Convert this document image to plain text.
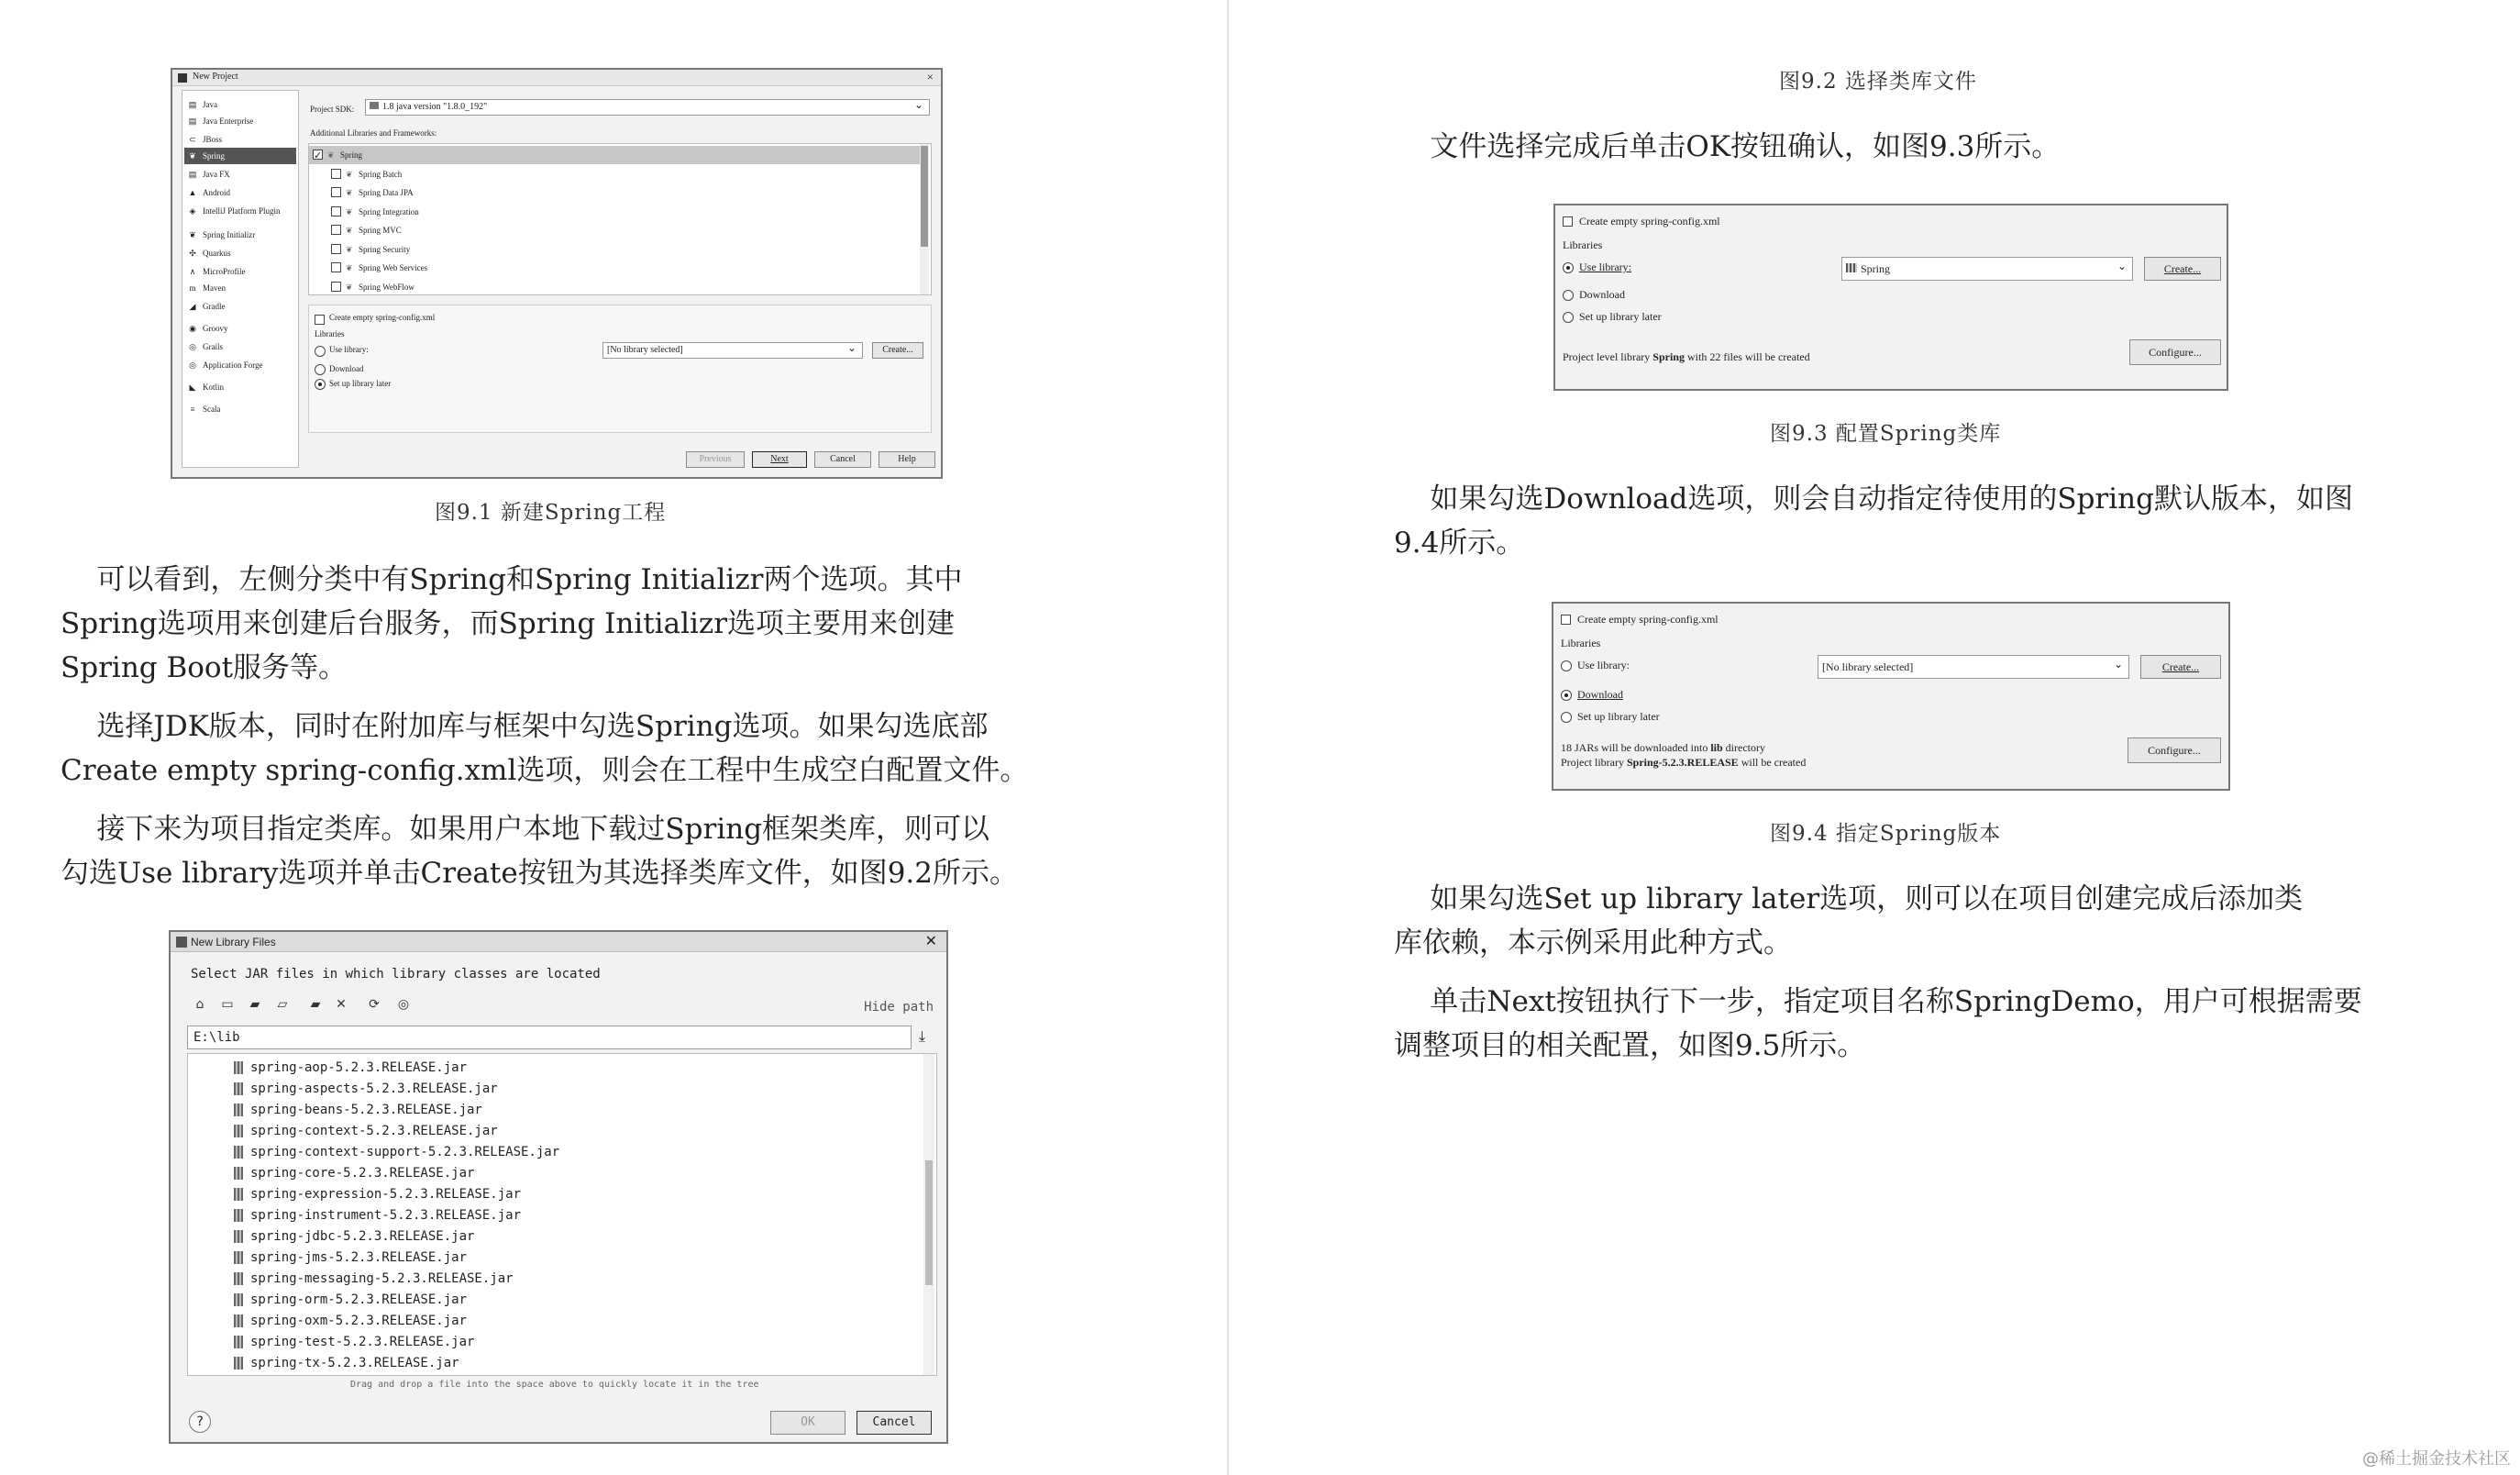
New Project	×
▤ Java
▤ Java Enterprise
⊂ JBoss
❦ Spring
▤ Java FX
▲ Android
◈ IntelliJ Platform Plugin
❦ Spring Initializr
✣ Quarkus
∧ MicroProfile
m Maven
◢ Gradle
◉ Groovy
◎ Grails
◎ Application Forge
◣ Kotlin
≡ Scala
Project SDK:	1.8 java version "1.8.0_192" ⌄
Additional Libraries and Frameworks:
✓
❦ Spring
❦ Spring Batch
❦ Spring Data JPA
❦ Spring Integration
❦ Spring MVC
❦ Spring Security
❦ Spring Web Services
❦ Spring WebFlow
Create empty spring-config.xml
Libraries
Use library:	[No library selected] ⌄	Create...
Download
Set up library later
Previous	Next	Cancel	Help
图9.1 新建Spring工程
可以看到，左侧分类中有Spring和Spring Initializr两个选项。其中
Spring选项用来创建后台服务，而Spring Initializr选项主要用来创建
Spring Boot服务等。
选择JDK版本，同时在附加库与框架中勾选Spring选项。如果勾选底部
Create empty spring-config.xml选项，则会在工程中生成空白配置文件。
接下来为项目指定类库。如果用户本地下载过Spring框架类库，则可以
勾选Use library选项并单击Create按钮为其选择类库文件，如图9.2所示。
New Library Files	✕
Select JAR files in which library classes are located
⌂	▭	▰	▱	▰	✕ ⟳ ◎	Hide path
E:\lib	⤓
spring-aop-5.2.3.RELEASE.jar
spring-aspects-5.2.3.RELEASE.jar
spring-beans-5.2.3.RELEASE.jar
spring-context-5.2.3.RELEASE.jar
spring-context-support-5.2.3.RELEASE.jar
spring-core-5.2.3.RELEASE.jar
spring-expression-5.2.3.RELEASE.jar
spring-instrument-5.2.3.RELEASE.jar
spring-jdbc-5.2.3.RELEASE.jar
spring-jms-5.2.3.RELEASE.jar
spring-messaging-5.2.3.RELEASE.jar
spring-orm-5.2.3.RELEASE.jar
spring-oxm-5.2.3.RELEASE.jar
spring-test-5.2.3.RELEASE.jar
spring-tx-5.2.3.RELEASE.jar
Drag and drop a file into the space above to quickly locate it in the tree
?	OK	Cancel
图9.2 选择类库文件
文件选择完成后单击OK按钮确认，如图9.3所示。
Create empty spring-config.xml
Libraries
Use library:	Spring ⌄	Create...
Download
Set up library later
Project level library Spring with 22 files will be created	Configure...
图9.3 配置Spring类库
如果勾选Download选项，则会自动指定待使用的Spring默认版本，如图
9.4所示。
Create empty spring-config.xml
Libraries
Use library:	[No library selected] ⌄	Create...
Download
Set up library later
18 JARs will be downloaded into lib directory
Project library Spring-5.2.3.RELEASE will be created
Configure...
图9.4 指定Spring版本
如果勾选Set up library later选项，则可以在项目创建完成后添加类
库依赖，本示例采用此种方式。
单击Next按钮执行下一步，指定项目名称SpringDemo，用户可根据需要
调整项目的相关配置，如图9.5所示。
@稀土掘金技术社区
